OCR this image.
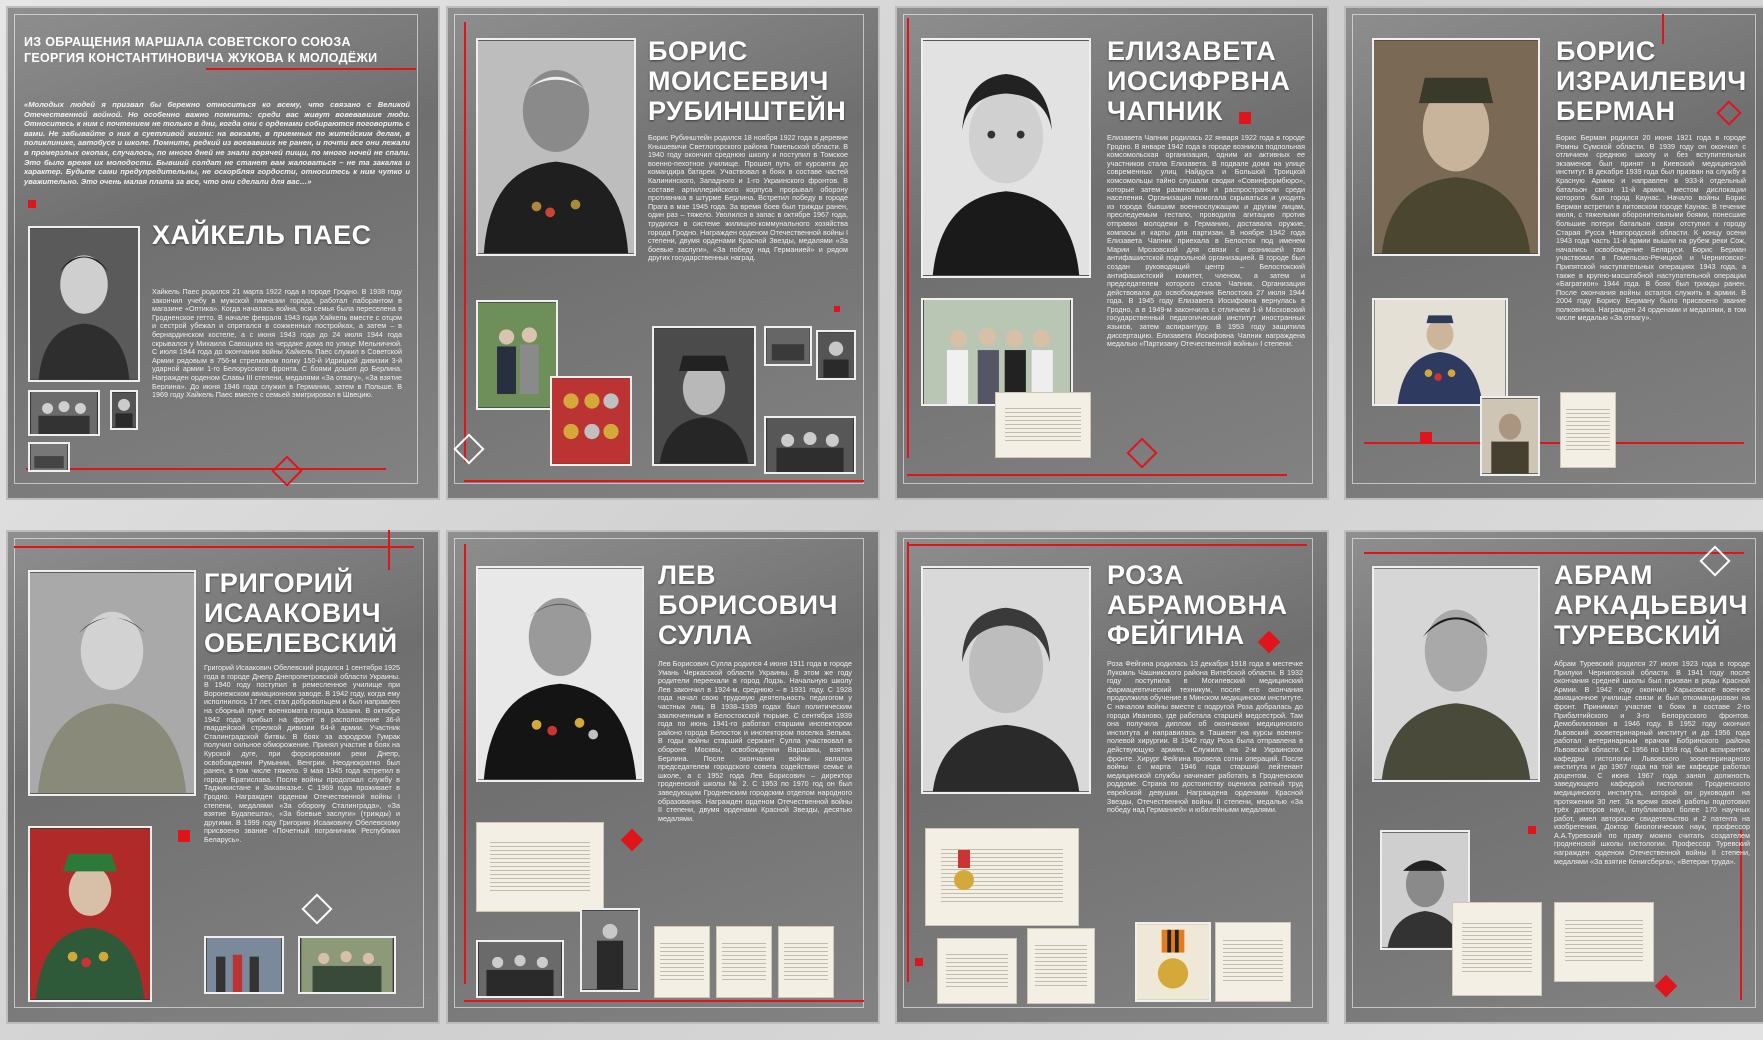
ИЗ ОБРАЩЕНИЯ МАРШАЛА СОВЕТСКОГО СОЮЗА ГЕОРГИЯ КОНСТАНТИНОВИЧА ЖУКОВА К МОЛОДЁЖИ
«Молодых людей я призвал бы бережно относиться ко всему, что связано с Великой Отечественной войной. Но особенно важно помнить: среди вас живут вовевавшие люди. Относитесь к ним с почтением не только в дни, когда они с орденами собираются поговорить с вами. Не забывайте о них в суетливой жизни: на вокзале, в приемных по житейским делам, в поликлинике, автобусе и школе. Помните, редкий из воевавших не ранен, и почти все они лежали в промерзлых окопах, случалось, по много дней не знали горячей пищи, по много ночей не спали. Это было время их молодости. Бывший солдат не станет вам жаловаться – не та закалка и характер. Будьте сами предупредительны, не оскорбляя гордости, относитесь к ним чутко и уважительно. Это очень малая плата за все, что они сделали для вас…»
ХАЙКЕЛЬ ПАЕС
Хайкель Паес родился 21 марта 1922 года в городе Гродно. В 1938 году закончил учебу в мужской гимназии города, работал лаборантом в магазине «Оптика». Когда началась война, вся семья была переселена в Гродненское гетто. В начале февраля 1943 года Хайкель вместе с отцом и сестрой убежал и спрятался в сожженных постройках, а затем – в бернардинском костеле, а с июня 1943 года до 24 июля 1944 года скрывался у Михаила Савощика на чердаке дома по улице Мельничной. С июля 1944 года до окончания войны Хайкель Паес служил в Советской Армии рядовым в 756-м стрелковом полку 150-й Идрицкой дивизии 3-й ударной армии 1-го Белорусского фронта. С боями дошел до Берлина. Награжден орденом Славы III степени, медалями «За отвагу», «За взятие Берлина». До июня 1946 года служил в Германии, затем в Польше. В 1969 году Хайкель Паес вместе с семьей эмигрировал в Швецию.
БОРИС МОИСЕЕВИЧ РУБИНШТЕЙН
Борис Рубинштейн родился 18 ноября 1922 года в деревне Кнышевичи Светлогорского района Гомельской области. В 1940 году окончил среднюю школу и поступил в Томское военно-пехотное училище. Прошел путь от курсанта до командира батареи. Участвовал в боях в составе частей Калининского, Западного и 1-го Украинского фронтов. В составе артиллерийского корпуса прорывал оборону противника в штурме Берлина. Встретил победу в городе Прага в мае 1945 года. За время боев был трижды ранен, один раз – тяжело. Уволился в запас в октябре 1967 года, трудился в системе жилищно-коммунального хозяйства города Гродно. Награжден орденом Отечественной войны I степени, двумя орденами Красной Звезды, медалями «За боевые заслуги», «За победу над Германией» и рядом других государственных наград.
ЕЛИЗАВЕТА ИОСИФРВНА ЧАПНИК
Елизавета Чапник родилась 22 января 1922 года в городе Гродно. В январе 1942 года в городе возникла подпольная комсомольская организация, одним из активных ее участников стала Елизавета. В подвале дома на улице современных улиц Найдуса и Большой Троицкой комсомольцы тайно слушали сводки «Совинформбюро», которые затем размножали и распространяли среди населения. Организация помогала скрываться и уходить из города бывшим военнослужащим и другим лицам, преследуемым гестапо, проводила агитацию против отправки молодежи в Германию, доставала оружие, компасы и карты для партизан. В ноябре 1942 года Елизавета Чапник приехала в Белосток под именем Марии Мрозовской для связи с возникшей там антифашистской подпольной организацией. В городе был создан руководящий центр – Белостокский антифашистский комитет, членом, а затем и председателем которого стала Чапник. Организация действовала до освобождения Белостока 27 июля 1944 года. В 1945 году Елизавета Иосифовна вернулась в Гродно, а в 1949-м закончила с отличием 1-й Московский государственный педагогический институт иностранных языков, затем аспирантуру. В 1953 году защитила диссертацию. Елизавета Иосифовна Чапник награждена медалью «Партизану Отечественной войны» I степени.
БОРИС ИЗРАИЛЕВИЧ БЕРМАН
Борис Берман родился 20 июня 1921 года в городе Ромны Сумской области. В 1939 году он окончил с отличием среднюю школу и без вступительных экзаменов был принят в Киевский медицинский институт. В декабре 1939 года был призван на службу в Красную Армию и направлен в 933-й отдельный батальон связи 11-й армии, местом дислокации которого был город Каунас. Начало войны Борис Берман встретил в литовском городе Каунас. В течение июля, с тяжелыми оборонительными боями, понесшие большие потери батальон связи отступил к городу Старая Русса Новгородской области. К концу осени 1943 года часть 11-й армии вышли на рубеж реки Сож, начались освобождение Беларуси. Борис Берман участвовал в Гомельско-Речицкой и Черниговско-Припятской наступательных операциях 1943 года, а также в крупно-масштабной наступательной операции «Багратион» 1944 года. В боях был трижды ранен. После окончания войны остался служить в армии. В 2004 году Борису Берману было присвоено звание полковника. Награжден 24 орденами и медалями, в том числе медалью «За отвагу».
ГРИГОРИЙ ИСААКОВИЧ ОБЕЛЕВСКИЙ
Григорий Исаакович Обелевский родился 1 сентября 1925 года в городе Днепр Днепропетровской области Украины. В 1940 году поступил в ремесленное училище при Воронежском авиационном заводе. В 1942 году, когда ему исполнилось 17 лет, стал добровольцем и был направлен на сборный пункт военкомата города Казани. В октябре 1942 года прибыл на фронт в расположение 36-й гвардейской стрелкой дивизии 64-й армии. Участник Сталинградской битвы. В боях за аэродром Гумрак получил сильное обморожение. Принял участие в боях на Курской дуге, при форсировании реки Днепр, освобождении Румынии, Венгрии. Неоднократно был ранен, в том числе тяжело. 9 мая 1945 года встретил в городе Братислава. После войны продолжал службу в Таджикистане и Закавказье. С 1969 года проживает в Гродно. Награжден орденом Отечественной войны I степени, медалями «За оборону Сталинграда», «За взятие Будапешта», «За боевые заслуги» (трижды) и другими. В 1999 году Григорию Исааковичу Обелевскому присвоено звание «Почетный пограничник Республики Беларусь».
ЛЕВ БОРИСОВИЧ СУЛЛА
Лев Борисович Сулла родился 4 июня 1911 года в городе Умань Черкасской области Украины. В этом же году родители переехали в город Лодзь. Начальную школу Лев закончил в 1924-м, среднюю – в 1931 году. С 1928 года начал свою трудовую деятельность педагогом у частных лиц. В 1938–1939 годах был политическим заключенным в Белостокской тюрьме. С сентября 1939 года по июнь 1941-го работал старшим инспектором районо города Белосток и инспектором поселка Зельва. В годы войны старший сержант Сулла участвовал в обороне Москвы, освобождении Варшавы, взятии Берлина. После окончания войны являлся председателем городского совета содействия семье и школе, а с 1952 года Лев Борисович – директор гродненской школы № 2. С 1953 по 1970 год он был заведующим Гродненским городским отделом народного образования. Награжден орденом Отечественной войны II степени, двумя орденами Красной Звезды, десятью медалями.
РОЗА АБРАМОВНА ФЕЙГИНА
Роза Фейгина родилась 13 декабря 1918 года в местечке Лукомль Чашникского района Витебской области. В 1932 году поступила в Могилевский медицинский фармацевтический техникум, после его окончания продолжила обучение в Минском медицинском институте. С началом войны вместе с подругой Роза добралась до города Иваново, где работала старшей медсестрой. Там она получила диплом об окончании медицинского института и направилась в Ташкент на курсы военно-полевой хирургии. В 1942 году Роза была отправлена в действующую армию. Служила на 2-м Украинском фронте. Хирург Фейгина провела сотни операций. После войны с марта 1946 года старший лейтенант медицинской службы начинает работать в Гродненском роддоме. Страна по достоинству оценила ратный труд еврейской девушки. Награждена орденами Красной Звезды, Отечественной войны II степени, медалью «За победу над Германией» и юбилейными медалями.
АБРАМ АРКАДЬЕВИЧ ТУРЕВСКИЙ
Абрам Туревский родился 27 июля 1923 года в городе Прилуки Черниговской области. В 1941 году после окончания средней школы был призван в ряды Красной Армии. В 1942 году окончил Харьковское военное авиационное училище связи и был откомандирован на фронт. Принимал участие в боях в составе 2-го Прибалтийского и 3-го Белорусского фронтов. Демобилизован в 1946 году. В 1952 году окончил Львовский зооветеринарный институт и до 1956 года работал ветеринарным врачом Бобринского района Львовской области. С 1956 по 1959 год был аспирантом кафедры гистологии Львовского зооветеринарного института и до 1967 года на той же кафедре работал доцентом. С июня 1967 года занял должность заведующего кафедрой гистологии Гродненского медицинского института, которой он руководил на протяжении 30 лет. За время своей работы подготовил трёх докторов наук, опубликовал более 170 научных работ, имел авторское свидетельство и 2 патента на изобретения. Доктор биологических наук, профессор А.А.Туревский по праву можно считать создателем гродненской школы гистологии. Профессор Туревский награжден орденом Отечественной войны II степени, медалями «За взятие Кенигсберга», «Ветеран труда».
